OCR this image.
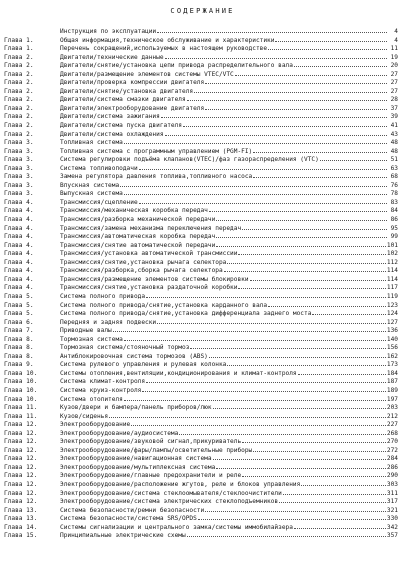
СОДЕРЖАНИЕ
Инструкция по эксплуатации	4
Глава 1.	Общая информация,техническое обслуживание и характеристики	4
Глава 1.	Перечень сокращений,используемых в настоящем руководстве	11
Глава 2.	Двигатели/технические данные	19
Глава 2.	Двигатели/снятие/установка цепи привода распределительного вала	20
Глава 2.	Двигатели/размещение элементов системы VTEC/VTC	27
Глава 2.	Двигатели/проверка компрессии двигателя	27
Глава 2.	Двигатели/снятие/установка двигателя	27
Глава 2.	Двигатели/система смазки двигателя	28
Глава 2.	Двигатели/электрооборудование двигателя	37
Глава 2.	Двигатели/система зажигания	39
Глава 2.	Двигатели/система пуска двигателя	41
Глава 2.	Двигатели/система охлаждения	43
Глава 3.	Топливная система	48
Глава 3.	Топливная система с программным управлением (PGM-FI)	48
Глава 3.	Система регулировки подъёма клапанов(VTEC)/фаз газораспределения (VTC)	51
Глава 3.	Система топливоподачи	63
Глава 3.	Замена регулятора давления топлива,топливного насоса	68
Глава 3.	Впускная система	76
Глава 3.	Выпускная система	78
Глава 4.	Трансмиссия/сцепление	83
Глава 4.	Трансмиссия/механическая коробка передач	84
Глава 4.	Трансмиссия/разборка механической передачи	86
Глава 4.	Трансмиссия/замена механизма переключения передач	95
Глава 4.	Трансмиссия/автоматическая коробка передач	99
Глава 4.	Трансмиссия/снятие автоматической передачи	101
Глава 4.	Трансмиссия/установка автоматической трансмиссии	102
Глава 4.	Трансмиссия/снятие,установка рычага селектора	112
Глава 4.	Трансмиссия/разборка,сборка рычага селектора	114
Глава 4.	Трансмиссия/размещение элементов системы блокировки	114
Глава 4.	Трансмиссия/снятие,установка раздаточной коробки	117
Глава 5.	Система полного привода	119
Глава 5.	Система полного привода/снятие,установка карданного вала	123
Глава 5.	Система полного привода/снятие,установка дифференциала заднего моста	124
Глава 6.	Передняя и задняя подвески	127
Глава 7.	Приводные валы	136
Глава 8.	Тормозная система	140
Глава 8.	Тормозная система/стояночный тормоз	156
Глава 8.	Антиблокировочная система тормозов (ABS)	162
Глава 9.	Система рулевого управления и рулевая колонка	173
Глава 10.	Системы отопления,вентиляции,кондиционирования и климат-контроля	184
Глава 10.	Система климат-контроля	187
Глава 10.	Система круиз-контроля	189
Глава 10.	Система отопителя	197
Глава 11.	Кузов/двери и бампера/панель приборов/люк	203
Глава 11.	Кузов/сиденья	212
Глава 12.	Электрооборудование	227
Глава 12.	Электрооборудование/аудиосистема	268
Глава 12.	Электрооборудование/звуковой сигнал,прикуриватель	270
Глава 12.	Электрооборудование/фары/лампы/осветительные приборы	272
Глава 12.	Электрооборудование/навигационная система	284
Глава 12.	Электрооборудование/мультиплексная система	286
Глава 12.	Электрооборудование/главные предохранители и реле	290
Глава 12.	Электрооборудование/расположение жгутов, реле и блоков управления	303
Глава 12.	Электрооборудование/система стеклоомывателя/стеклоочистители	311
Глава 12.	Электрооборудование/система электрических стеклоподъемников	317
Глава 13.	Система безопасности/ремни безопасности	321
Глава 13.	Система безопасности/система SRS/OPDS	330
Глава 14.	Системы сигнализации и центрального замка/системы иммобилайзера	342
Глава 15.	Принципиальные электрические схемы	357
